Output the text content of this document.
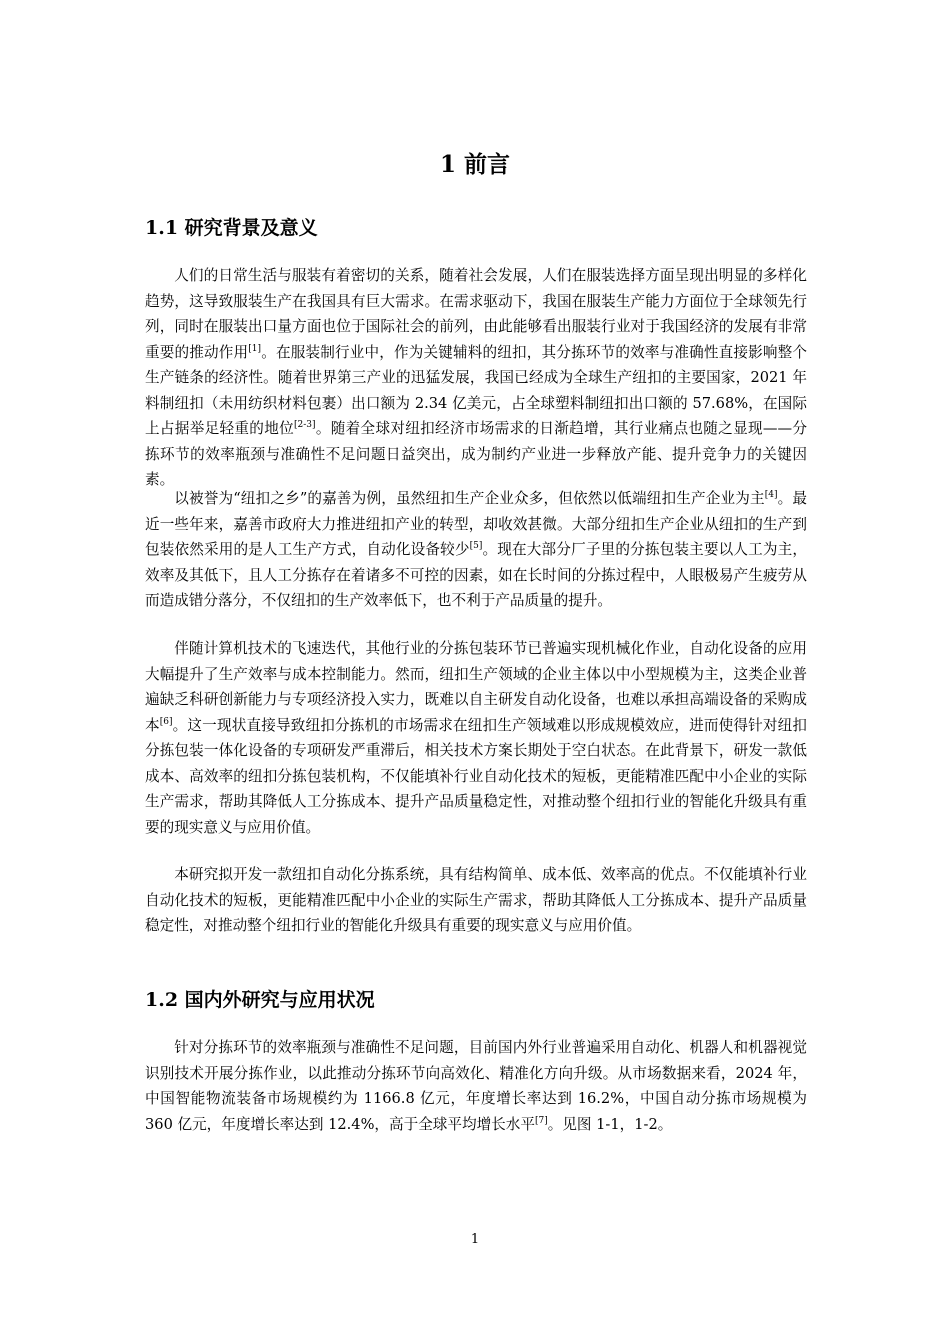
1 前言
1.1 研究背景及意义

人们的日常生活与服装有着密切的关系，随着社会发展，人们在服装选择方面呈现出明显的多样化趋势，这导致服装生产在我国具有巨大需求。在需求驱动下，我国在服装生产能力方面位于全球领先行列，同时在服装出口量方面也位于国际社会的前列，由此能够看出服装行业对于我国经济的发展有非常重要的推动作用[1]。在服装制行业中，作为关键辅料的纽扣，其分拣环节的效率与准确性直接影响整个生产链条的经济性。随着世界第三产业的迅猛发展，我国已经成为全球生产纽扣的主要国家，2021 年料制纽扣（未用纺织材料包裹）出口额为 2.34 亿美元，占全球塑料制纽扣出口额的 57.68%，在国际上占据举足轻重的地位[2-3]。随着全球对纽扣经济市场需求的日渐趋增，其行业痛点也随之显现——分拣环节的效率瓶颈与准确性不足问题日益突出，成为制约产业进一步释放产能、提升竞争力的关键因素。

以被誉为“纽扣之乡”的嘉善为例，虽然纽扣生产企业众多，但依然以低端纽扣生产企业为主[4]。最近一些年来，嘉善市政府大力推进纽扣产业的转型，却收效甚微。大部分纽扣生产企业从纽扣的生产到包装依然采用的是人工生产方式，自动化设备较少[5]。现在大部分厂子里的分拣包装主要以人工为主，效率及其低下，且人工分拣存在着诸多不可控的因素，如在长时间的分拣过程中，人眼极易产生疲劳从而造成错分落分，不仅纽扣的生产效率低下，也不利于产品质量的提升。

伴随计算机技术的飞速迭代，其他行业的分拣包装环节已普遍实现机械化作业，自动化设备的应用大幅提升了生产效率与成本控制能力。然而，纽扣生产领域的企业主体以中小型规模为主，这类企业普遍缺乏科研创新能力与专项经济投入实力，既难以自主研发自动化设备，也难以承担高端设备的采购成本[6]。这一现状直接导致纽扣分拣机的市场需求在纽扣生产领域难以形成规模效应，进而使得针对纽扣分拣包装一体化设备的专项研发严重滞后，相关技术方案长期处于空白状态。在此背景下，研发一款低成本、高效率的纽扣分拣包装机构，不仅能填补行业自动化技术的短板，更能精准匹配中小企业的实际生产需求，帮助其降低人工分拣成本、提升产品质量稳定性，对推动整个纽扣行业的智能化升级具有重要的现实意义与应用价值。

本研究拟开发一款纽扣自动化分拣系统，具有结构简单、成本低、效率高的优点。不仅能填补行业自动化技术的短板，更能精准匹配中小企业的实际生产需求，帮助其降低人工分拣成本、提升产品质量稳定性，对推动整个纽扣行业的智能化升级具有重要的现实意义与应用价值。

1.2 国内外研究与应用状况

针对分拣环节的效率瓶颈与准确性不足问题，目前国内外行业普遍采用自动化、机器人和机器视觉识别技术开展分拣作业，以此推动分拣环节向高效化、精准化方向升级。从市场数据来看，2024 年，中国智能物流装备市场规模约为 1166.8 亿元，年度增长率达到 16.2%，中国自动分拣市场规模为 360 亿元，年度增长率达到 12.4%，高于全球平均增长水平[7]。见图 1-1，1-2。

1
